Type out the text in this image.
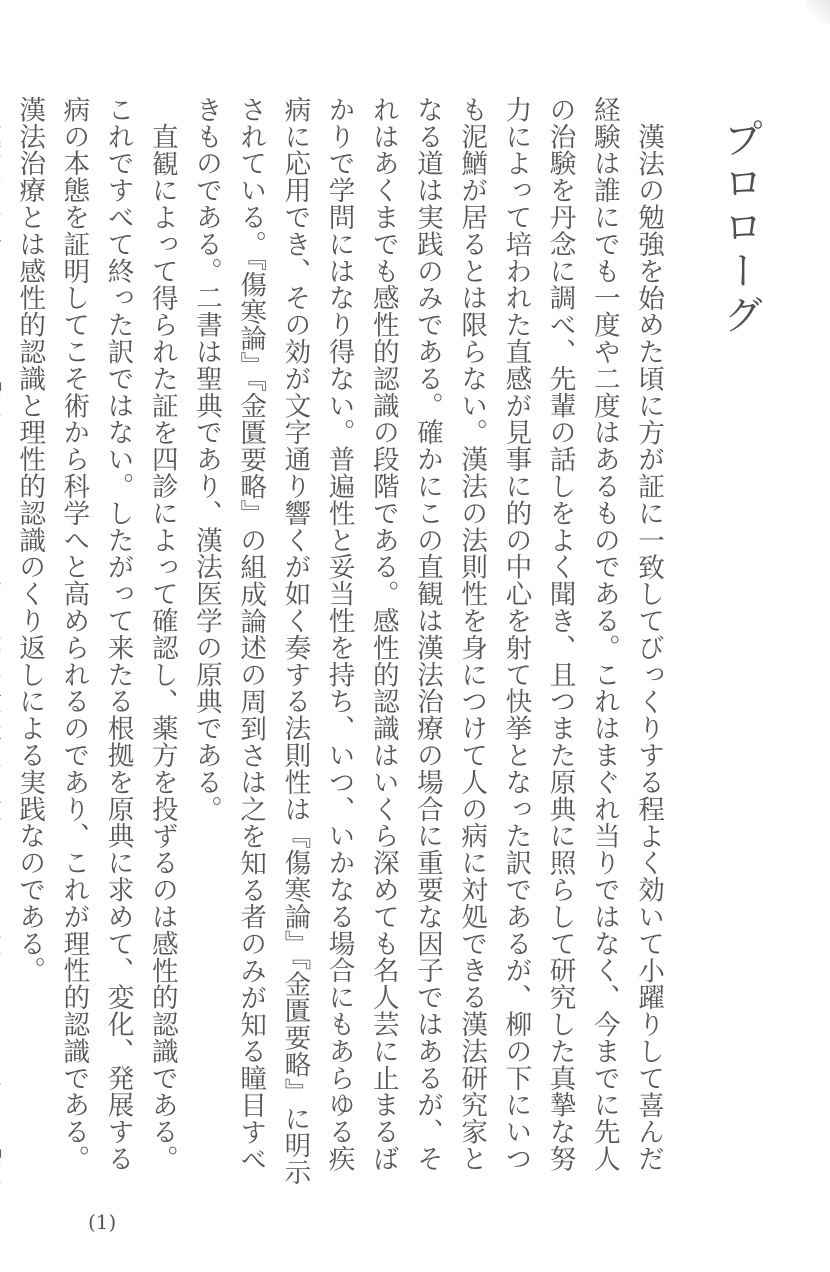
プロローグ

漢法の勉強を始めた頃に方が証に一致してびっくりする程よく効いて小躍りして喜んだ経験は誰にでも一度や二度はあるものである。これはまぐれ当りではなく、今までに先人の治験を丹念に調べ、先輩の話しをよく聞き、且つまた原典に照らして研究した真摯な努力によって培われた直感が見事に的の中心を射て快挙となった訳であるが、柳の下にいつも泥鰌が居るとは限らない。漢法の法則性を身につけて人の病に対処できる漢法研究家となる道は実践のみである。確かにこの直観は漢法治療の場合に重要な因子ではあるが、それはあくまでも感性的認識の段階である。感性的認識はいくら深めても名人芸に止まるばかりで学問にはなり得ない。普遍性と妥当性を持ち、いつ、いかなる場合にもあらゆる疾病に応用でき、その効が文字通り響くが如く奏する法則性は『傷寒論』『金匱要略』に明示されている。『傷寒論』『金匱要略』の組成論述の周到さは之を知る者のみが知る瞳目すべきものである。二書は聖典であり、漢法医学の原典である。

直観によって得られた証を四診によって確認し、薬方を投ずるのは感性的認識である。これですべて終った訳ではない。したがって来たる根拠を原典に求めて、変化、発展する病の本態を証明してこそ術から科学へと高められるのであり、これが理性的認識である。漢法治療とは感性的認識と理性的認識のくり返しによる実践なのである。

(1)
